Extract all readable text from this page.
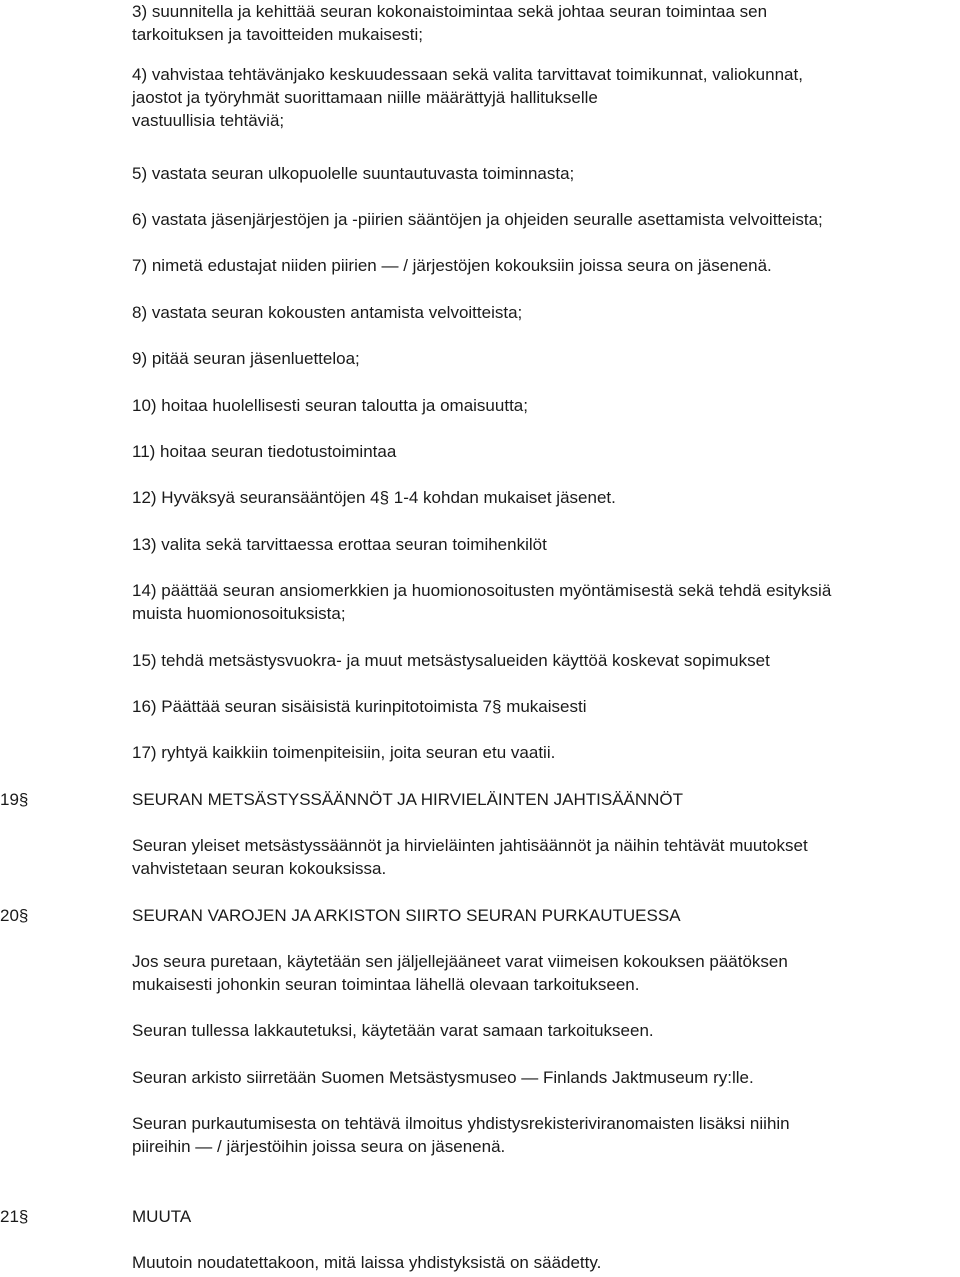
3) suunnitella ja kehittää seuran kokonaistoimintaa sekä johtaa seuran toimintaa sen
tarkoituksen ja tavoitteiden mukaisesti;

4) vahvistaa tehtävänjako keskuudessaan sekä valita tarvittavat toimikunnat, valiokunnat,
jaostot ja työryhmät suorittamaan niille määrättyjä hallitukselle
vastuullisia tehtäviä;

5) vastata seuran ulkopuolelle suuntautuvasta toiminnasta;

6) vastata jäsenjärjestöjen ja -piirien sääntöjen ja ohjeiden seuralle asettamista velvoitteista;

7) nimetä edustajat niiden piirien — / järjestöjen kokouksiin joissa seura on jäsenenä.

8) vastata seuran kokousten antamista velvoitteista;

9) pitää seuran jäsenluetteloa;

10) hoitaa huolellisesti seuran taloutta ja omaisuutta;

11) hoitaa seuran tiedotustoimintaa

12) Hyväksyä seuransääntöjen 4§ 1-4 kohdan mukaiset jäsenet.

13) valita sekä tarvittaessa erottaa seuran toimihenkilöt

14) päättää seuran ansiomerkkien ja huomionosoitusten myöntämisestä sekä tehdä esityksiä
muista huomionosoituksista;

15) tehdä metsästysvuokra- ja muut metsästysalueiden käyttöä koskevat sopimukset

16) Päättää seuran sisäisistä kurinpitotoimista 7§ mukaisesti

17) ryhtyä kaikkiin toimenpiteisiin, joita seuran etu vaatii.

19§	SEURAN METSÄSTYSSÄÄNNÖT JA HIRVIELÄINTEN JAHTISÄÄNNÖT

Seuran yleiset metsästyssäännöt ja hirvieläinten jahtisäännöt ja näihin tehtävät muutokset
vahvistetaan seuran kokouksissa.

20§	SEURAN VAROJEN JA ARKISTON SIIRTO SEURAN PURKAUTUESSA

Jos seura puretaan, käytetään sen jäljellejääneet varat viimeisen kokouksen päätöksen
mukaisesti johonkin seuran toimintaa lähellä olevaan tarkoitukseen.

Seuran tullessa lakkautetuksi, käytetään varat samaan tarkoitukseen.

Seuran arkisto siirretään Suomen Metsästysmuseo — Finlands Jaktmuseum ry:lle.

Seuran purkautumisesta on tehtävä ilmoitus yhdistysrekisteriviranomaisten lisäksi niihin
piireihin — / järjestöihin joissa seura on jäsenenä.

21§	MUUTA

Muutoin noudatettakoon, mitä laissa yhdistyksistä on säädetty.
